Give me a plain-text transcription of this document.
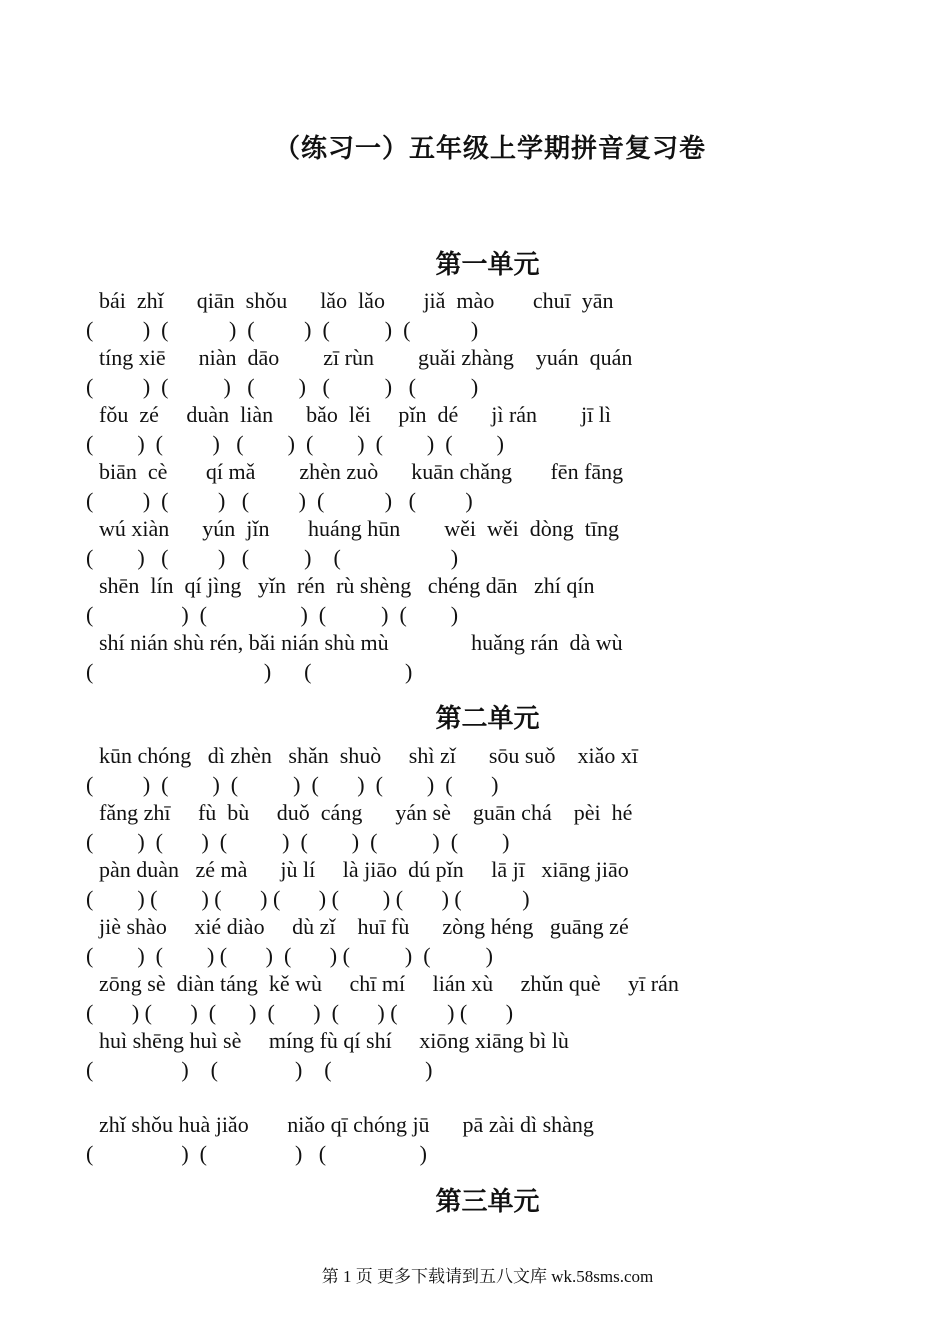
（练习一）五年级上学期拼音复习卷
第一单元
bái  zhǐ      qiān  shǒu      lǎo  lǎo       jiǎ  mào       chuī  yān
(         )  (           )  (         )  (          )  (           )
tíng xiē      niàn  dāo        zī rùn        guǎi zhàng    yuán  quán
(         )  (          )   (        )   (          )   (          )
fǒu  zé     duàn  liàn      bǎo  lěi     pǐn  dé      jì rán        jī lì
(        )  (         )   (        )  (        )  (        )  (        )
biān  cè       qí mǎ        zhèn zuò      kuān chǎng       fēn fāng
(         )  (         )   (         )  (           )   (         )
wú xiàn      yún  jǐn       huáng hūn        wěi  wěi  dòng  tīng
(        )   (         )   (          )    (                    )
shēn  lín  qí jìng   yǐn  rén  rù shèng   chéng dān   zhí qín
(                )  (                 )  (          )  (        )
shí nián shù rén, bǎi nián shù mù               huǎng rán  dà wù
(                               )      (                 )
第二单元
kūn chóng   dì zhèn   shǎn  shuò     shì zǐ      sōu suǒ    xiǎo xī
(         )  (        )  (          )  (       )  (        )  (       )
fǎng zhī     fù  bù     duǒ  cáng      yán sè    guān chá    pèi  hé
(        )  (       )  (          )  (        )  (          )  (        )
pàn duàn   zé mà      jù lí     là jiāo  dú pǐn     lā jī   xiāng jiāo
(        ) (        ) (       ) (       ) (        ) (       ) (           )
jiè shào     xié diào     dù zǐ    huī fù      zòng héng   guāng zé
(        )  (        ) (       )  (       ) (          )  (          )
zōng sè  diàn táng  kě wù     chī mí     lián xù     zhǔn què     yī rán
(       ) (       )  (      )  (       )  (       ) (         ) (       )
huì shēng huì sè     míng fù qí shí     xiōng xiāng bì lù
(                )    (              )    (                 )
zhǐ shǒu huà jiǎo       niǎo qī chóng jū      pā zài dì shàng
(                )  (                )   (                 )
第三单元
第 1 页 更多下载请到五八文库 wk.58sms.com
